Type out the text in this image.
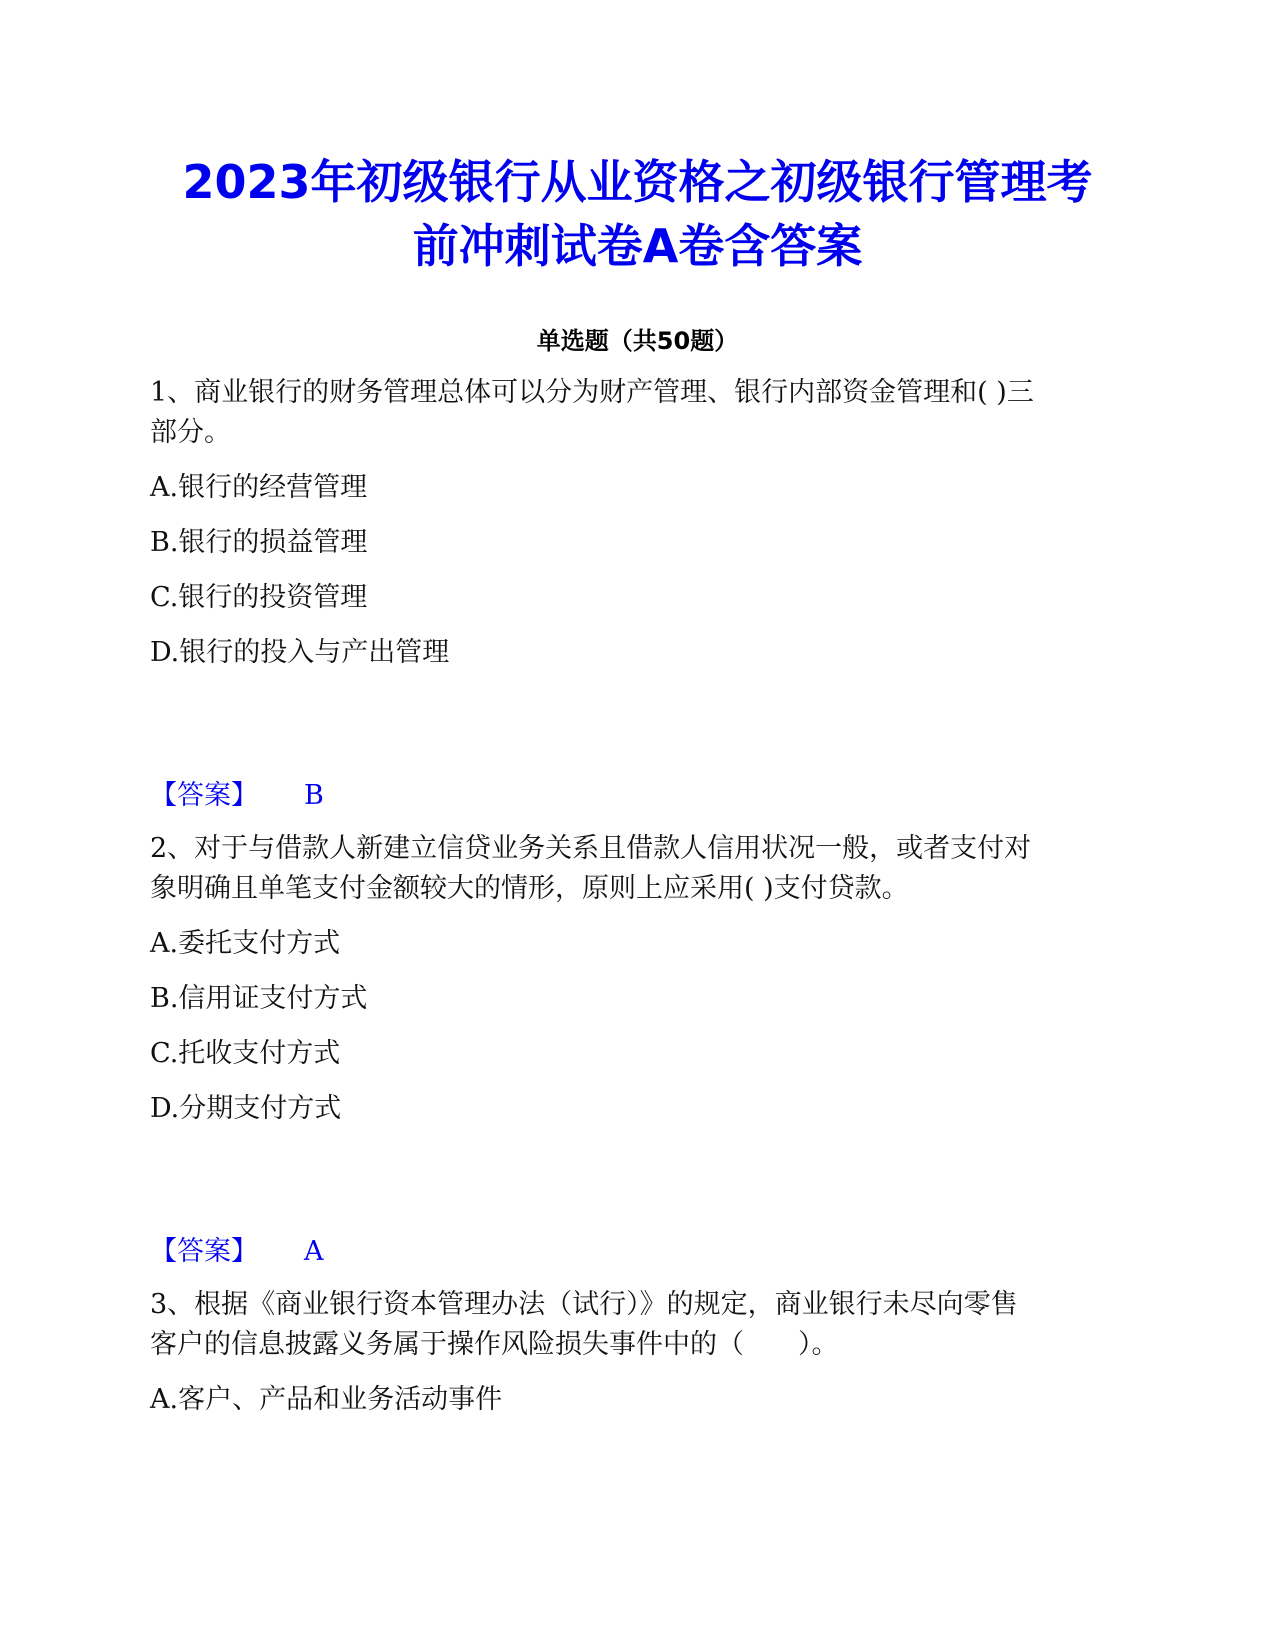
2023年初级银行从业资格之初级银行管理考
前冲刺试卷A卷含答案
单选题（共50题）
1、商业银行的财务管理总体可以分为财产管理、银行内部资金管理和( )三
部分。
A.银行的经营管理
B.银行的损益管理
C.银行的投资管理
D.银行的投入与产出管理
【答案】 B
2、对于与借款人新建立信贷业务关系且借款人信用状况一般，或者支付对
象明确且单笔支付金额较大的情形，原则上应采用( )支付贷款。
A.委托支付方式
B.信用证支付方式
C.托收支付方式
D.分期支付方式
【答案】 A
3、根据《商业银行资本管理办法（试行）》的规定，商业银行未尽向零售
客户的信息披露义务属于操作风险损失事件中的（　　）。
A.客户、产品和业务活动事件
